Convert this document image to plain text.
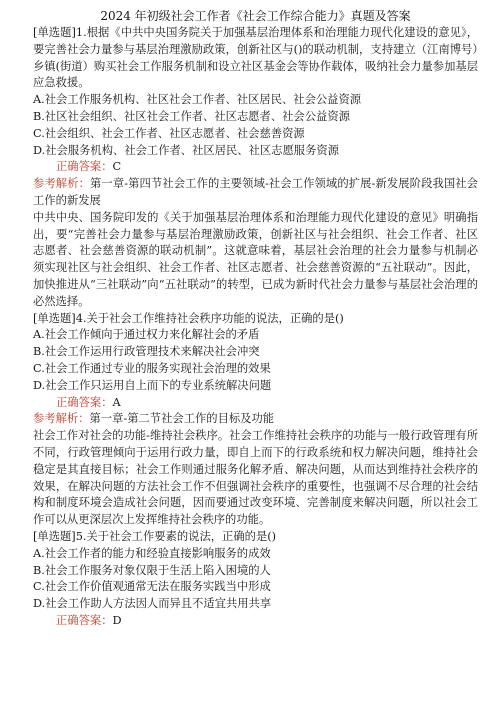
2024 年初级社会工作者《社会工作综合能力》真题及答案

[单选题]1.根据《中共中央国务院关于加强基层治理体系和治理能力现代化建设的意见》，要完善社会力量参与基层治理激励政策，创新社区与()的联动机制，支持建立（江南博号）乡镇(街道）购买社会工作服务机制和设立社区基金会等协作载体，吸纳社会力量参加基层应急救援。

A.社会工作服务机构、社区社会工作者、社区居民、社会公益资源

B.社区社会组织、社区社会工作者、社区志愿者、社会公益资源

C.社会组织、社会工作者、社区志愿者、社会慈善资源

D.社会服务机构、社会工作者、社区居民、社区志愿服务资源

正确答案：C

参考解析：第一章-第四节社会工作的主要领域-社会工作领域的扩展-新发展阶段我国社会工作的新发展
中共中央、国务院印发的《关于加强基层治理体系和治理能力现代化建设的意见》明确指出，要“完善社会力量参与基层治理激励政策，创新社区与社会组织、社会工作者、社区志愿者、社会慈善资源的联动机制”。这就意味着，基层社会治理的社会力量参与机制必须实现社区与社会组织、社会工作者、社区志愿者、社会慈善资源的“五社联动”。因此，加快推进从“三社联动”向“五社联动”的转型，已成为新时代社会力量参与基层社会治理的必然选择。

[单选题]4.关于社会工作维持社会秩序功能的说法，正确的是()

A.社会工作倾向于通过权力来化解社会的矛盾

B.社会工作运用行政管理技术来解决社会冲突

C.社会工作通过专业的服务实现社会治理的效果

D.社会工作只运用自上而下的专业系统解决问题

正确答案：A

参考解析：第一章-第二节社会工作的目标及功能
社会工作对社会的功能-维持社会秩序。社会工作维持社会秩序的功能与一般行政管理有所不同，行政管理倾向于运用行政力量，即自上而下的行政系统和权力解决问题，维持社会稳定是其直接目标；社会工作则通过服务化解矛盾、解决问题，从而达到维持社会秩序的效果，在解决问题的方法社会工作不但强调社会秩序的重要性，也强调不尽合理的社会结构和制度环境会造成社会问题，因而要通过改变环境、完善制度来解决问题，所以社会工作可以从更深层次上发挥维持社会秩序的功能。

[单选题]5.关于社会工作要素的说法，正确的是()

A.社会工作者的能力和经验直接影响服务的成效

B.社会工作服务对象仅限于生活上陷入困境的人

C.社会工作价值观通常无法在服务实践当中形成

D.社会工作助人方法因人而异且不适宜共用共享

正确答案：D
